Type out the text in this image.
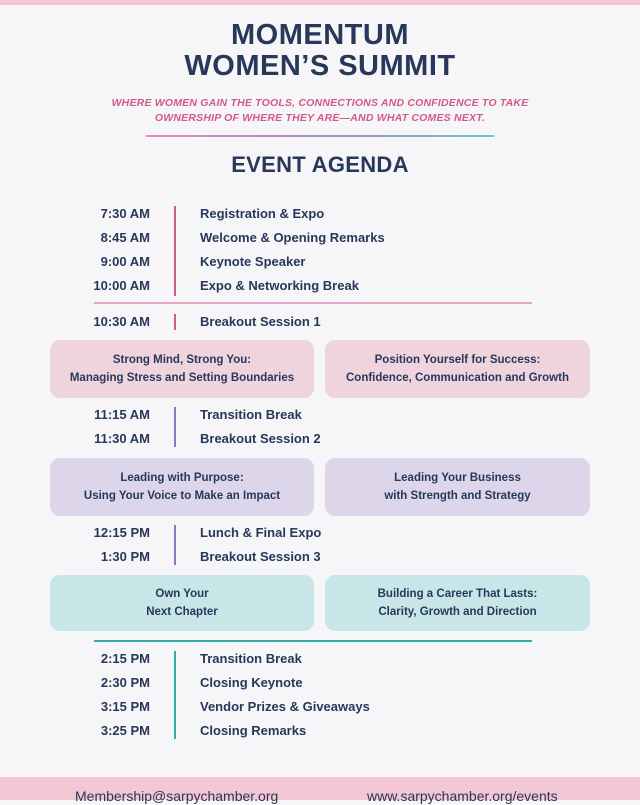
MOMENTUM
WOMEN’S SUMMIT
WHERE WOMEN GAIN THE TOOLS, CONNECTIONS AND CONFIDENCE TO TAKE
OWNERSHIP OF WHERE THEY ARE—AND WHAT COMES NEXT.
EVENT AGENDA
7:30 AM	Registration & Expo
8:45 AM	Welcome & Opening Remarks
9:00 AM	Keynote Speaker
10:00 AM	Expo & Networking Break
10:30 AM	Breakout Session 1
Strong Mind, Strong You:
Managing Stress and Setting Boundaries
Position Yourself for Success:
Confidence, Communication and Growth
11:15 AM	Transition Break
11:30 AM	Breakout Session 2
Leading with Purpose:
Using Your Voice to Make an Impact
Leading Your Business
with Strength and Strategy
12:15 PM	Lunch & Final Expo
1:30 PM	Breakout Session 3
Own Your
Next Chapter
Building a Career That Lasts:
Clarity, Growth and Direction
2:15 PM	Transition Break
2:30 PM	Closing Keynote
3:15 PM	Vendor Prizes & Giveaways
3:25 PM	Closing Remarks
Membership@sarpychamber.org	www.sarpychamber.org/events
